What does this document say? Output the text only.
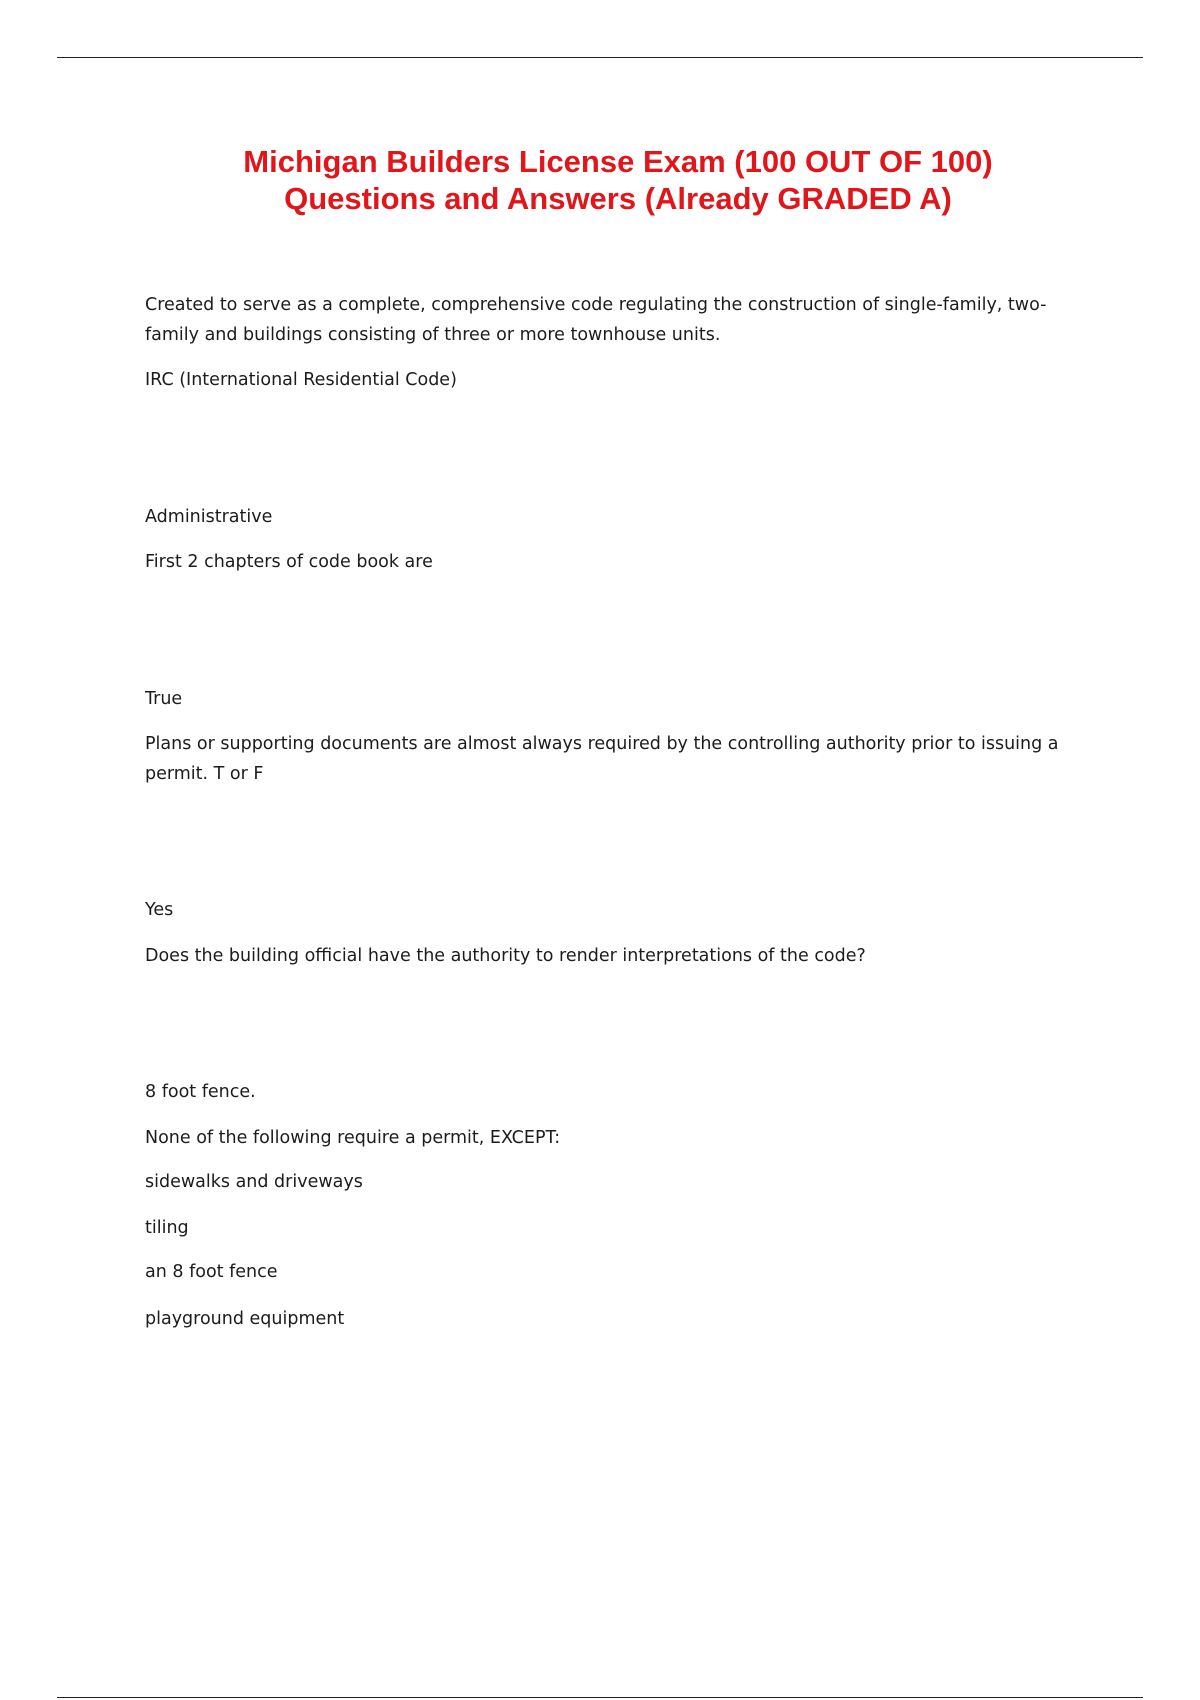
Michigan Builders License Exam (100 OUT OF 100)
Questions and Answers (Already GRADED A)

Created to serve as a complete, comprehensive code regulating the construction of single-family, two-
family and buildings consisting of three or more townhouse units.

IRC (International Residential Code)

Administrative

First 2 chapters of code book are

True

Plans or supporting documents are almost always required by the controlling authority prior to issuing a
permit. T or F

Yes

Does the building official have the authority to render interpretations of the code?

8 foot fence.

None of the following require a permit, EXCEPT:

sidewalks and driveways

tiling

an 8 foot fence

playground equipment
